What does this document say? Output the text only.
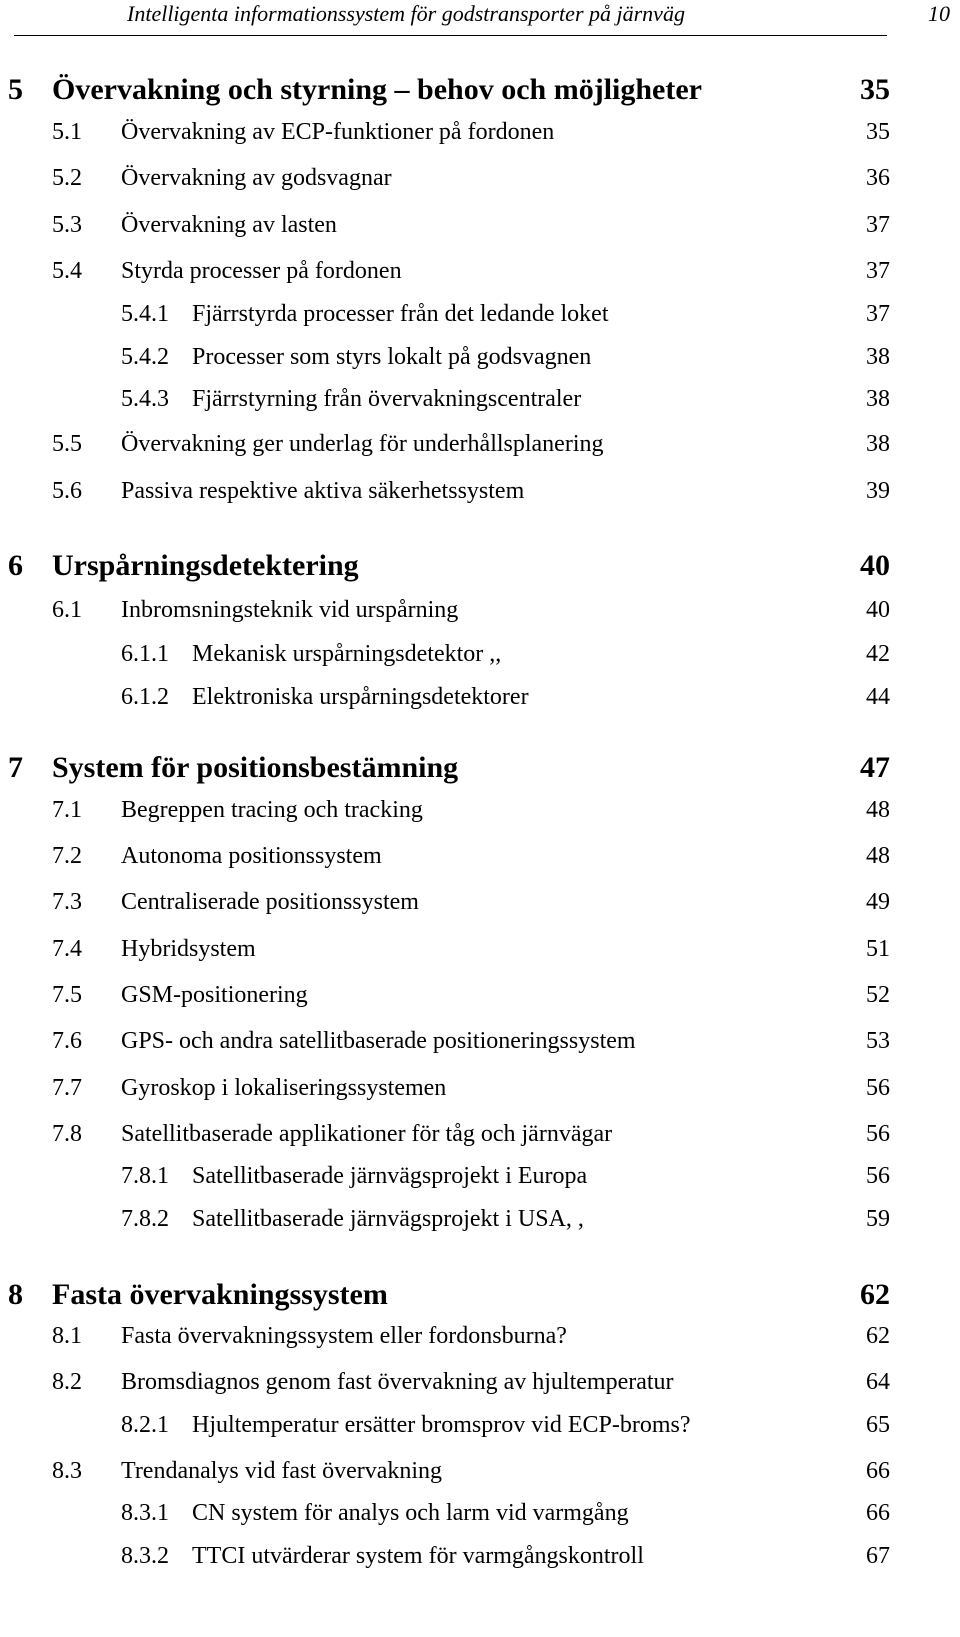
Intelligenta informationssystem för godstransporter på järnväg	10
5 Övervakning och styrning – behov och möjligheter	35
5.1 Övervakning av ECP-funktioner på fordonen	35
5.2 Övervakning av godsvagnar	36
5.3 Övervakning av lasten	37
5.4 Styrda processer på fordonen	37
5.4.1 Fjärrstyrda processer från det ledande loket	37
5.4.2 Processer som styrs lokalt på godsvagnen	38
5.4.3 Fjärrstyrning från övervakningscentraler	38
5.5 Övervakning ger underlag för underhållsplanering	38
5.6 Passiva respektive aktiva säkerhetssystem	39
6 Urspårningsdetektering	40
6.1 Inbromsningsteknik vid urspårning	40
6.1.1 Mekanisk urspårningsdetektor ,,	42
6.1.2 Elektroniska urspårningsdetektorer	44
7 System för positionsbestämning	47
7.1 Begreppen tracing och tracking	48
7.2 Autonoma positionssystem	48
7.3 Centraliserade positionssystem	49
7.4 Hybridsystem	51
7.5 GSM-positionering	52
7.6 GPS- och andra satellitbaserade positioneringssystem	53
7.7 Gyroskop i lokaliseringssystemen	56
7.8 Satellitbaserade applikationer för tåg och järnvägar	56
7.8.1 Satellitbaserade järnvägsprojekt i Europa	56
7.8.2 Satellitbaserade järnvägsprojekt i USA, ,	59
8 Fasta övervakningssystem	62
8.1 Fasta övervakningssystem eller fordonsburna?	62
8.2 Bromsdiagnos genom fast övervakning av hjultemperatur	64
8.2.1 Hjultemperatur ersätter bromsprov vid ECP-broms?	65
8.3 Trendanalys vid fast övervakning	66
8.3.1 CN system för analys och larm vid varmgång	66
8.3.2 TTCI utvärderar system för varmgångskontroll	67
